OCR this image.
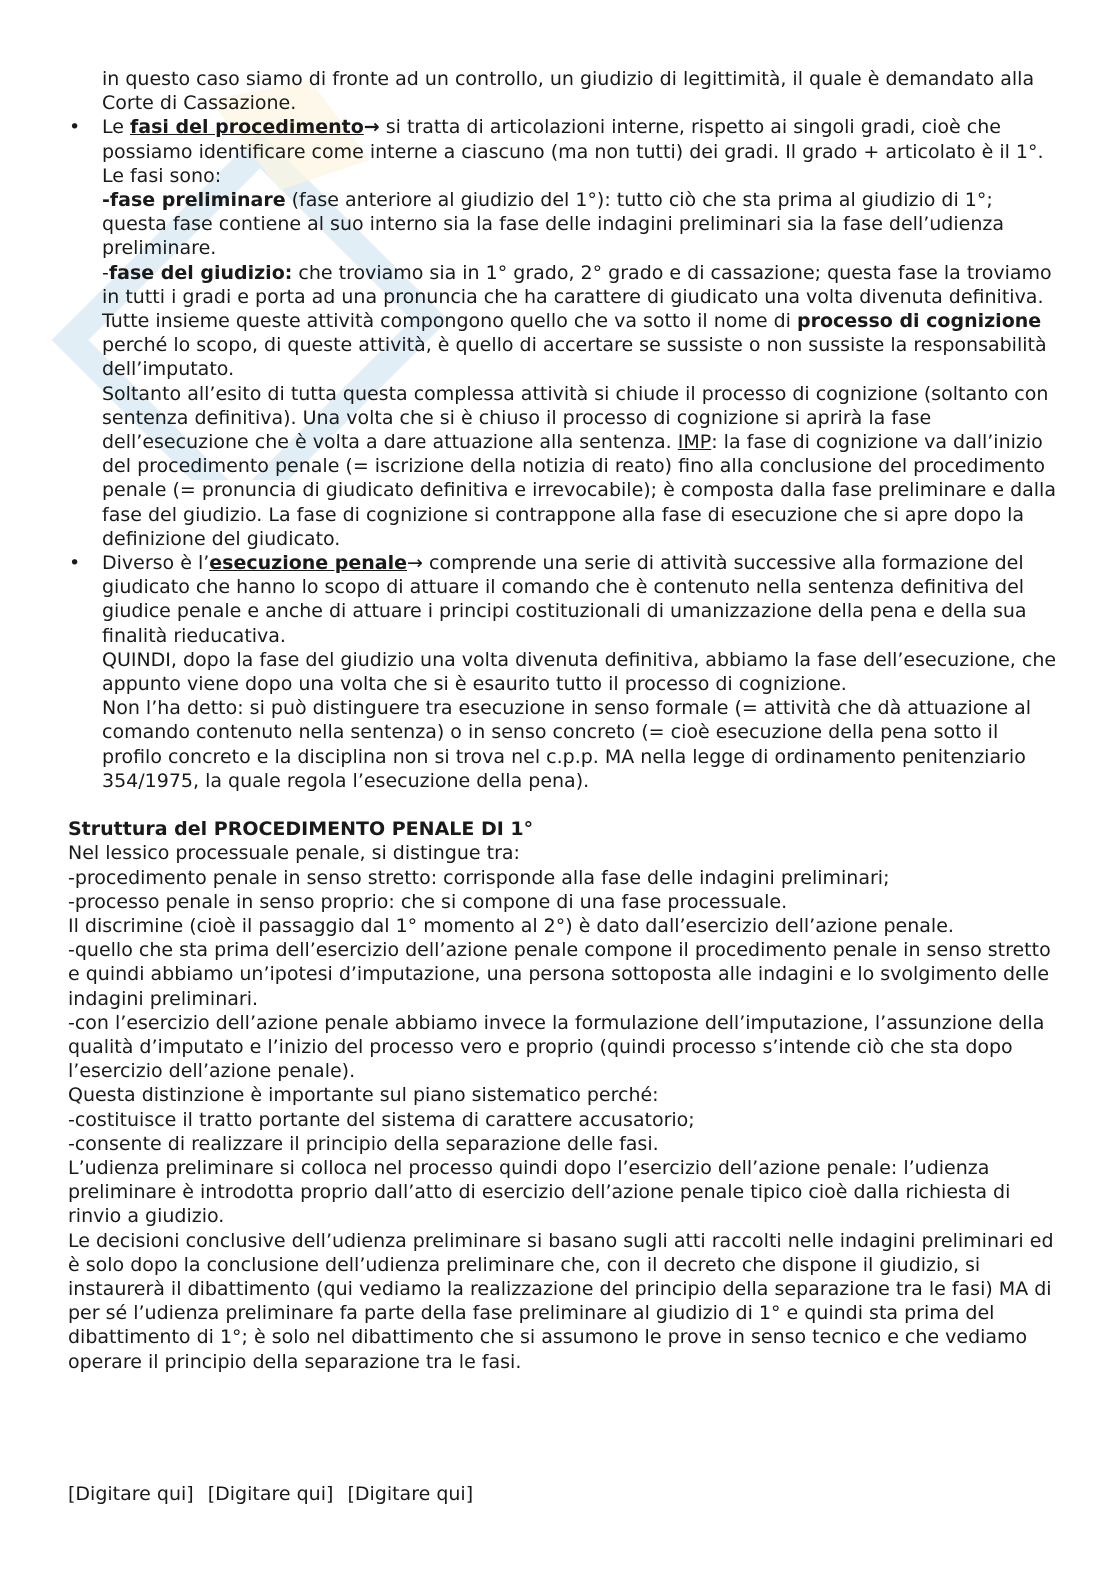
in questo caso siamo di fronte ad un controllo, un giudizio di legittimità, il quale è demandato alla Corte di Cassazione.

•	Le fasi del procedimento→ si tratta di articolazioni interne, rispetto ai singoli gradi, cioè che possiamo identificare come interne a ciascuno (ma non tutti) dei gradi. Il grado + articolato è il 1°. Le fasi sono:

-fase preliminare (fase anteriore al giudizio del 1°): tutto ciò che sta prima al giudizio di 1°; questa fase contiene al suo interno sia la fase delle indagini preliminari sia la fase dell’udienza preliminare.

-fase del giudizio: che troviamo sia in 1° grado, 2° grado e di cassazione; questa fase la troviamo in tutti i gradi e porta ad una pronuncia che ha carattere di giudicato una volta divenuta definitiva.

Tutte insieme queste attività compongono quello che va sotto il nome di processo di cognizione perché lo scopo, di queste attività, è quello di accertare se sussiste o non sussiste la responsabilità dell’imputato.

Soltanto all’esito di tutta questa complessa attività si chiude il processo di cognizione (soltanto con sentenza definitiva). Una volta che si è chiuso il processo di cognizione si aprirà la fase dell’esecuzione che è volta a dare attuazione alla sentenza. IMP: la fase di cognizione va dall’inizio del procedimento penale (= iscrizione della notizia di reato) fino alla conclusione del procedimento penale (= pronuncia di giudicato definitiva e irrevocabile); è composta dalla fase preliminare e dalla fase del giudizio. La fase di cognizione si contrappone alla fase di esecuzione che si apre dopo la definizione del giudicato.

•	Diverso è l’esecuzione penale→ comprende una serie di attività successive alla formazione del giudicato che hanno lo scopo di attuare il comando che è contenuto nella sentenza definitiva del giudice penale e anche di attuare i principi costituzionali di umanizzazione della pena e della sua finalità rieducativa.

QUINDI, dopo la fase del giudizio una volta divenuta definitiva, abbiamo la fase dell’esecuzione, che appunto viene dopo una volta che si è esaurito tutto il processo di cognizione.

Non l’ha detto: si può distinguere tra esecuzione in senso formale (= attività che dà attuazione al comando contenuto nella sentenza) o in senso concreto (= cioè esecuzione della pena sotto il profilo concreto e la disciplina non si trova nel c.p.p. MA nella legge di ordinamento penitenziario 354/1975, la quale regola l’esecuzione della pena).

Struttura del PROCEDIMENTO PENALE DI 1°

Nel lessico processuale penale, si distingue tra:

-procedimento penale in senso stretto: corrisponde alla fase delle indagini preliminari;

-processo penale in senso proprio: che si compone di una fase processuale.

Il discrimine (cioè il passaggio dal 1° momento al 2°) è dato dall’esercizio dell’azione penale.

-quello che sta prima dell’esercizio dell’azione penale compone il procedimento penale in senso stretto e quindi abbiamo un’ipotesi d’imputazione, una persona sottoposta alle indagini e lo svolgimento delle indagini preliminari.

-con l’esercizio dell’azione penale abbiamo invece la formulazione dell’imputazione, l’assunzione della qualità d’imputato e l’inizio del processo vero e proprio (quindi processo s’intende ciò che sta dopo l’esercizio dell’azione penale).

Questa distinzione è importante sul piano sistematico perché:

-costituisce il tratto portante del sistema di carattere accusatorio;

-consente di realizzare il principio della separazione delle fasi.

L’udienza preliminare si colloca nel processo quindi dopo l’esercizio dell’azione penale: l’udienza preliminare è introdotta proprio dall’atto di esercizio dell’azione penale tipico cioè dalla richiesta di rinvio a giudizio.

Le decisioni conclusive dell’udienza preliminare si basano sugli atti raccolti nelle indagini preliminari ed è solo dopo la conclusione dell’udienza preliminare che, con il decreto che dispone il giudizio, si instaurerà il dibattimento (qui vediamo la realizzazione del principio della separazione tra le fasi) MA di per sé l’udienza preliminare fa parte della fase preliminare al giudizio di 1° e quindi sta prima del dibattimento di 1°; è solo nel dibattimento che si assumono le prove in senso tecnico e che vediamo operare il principio della separazione tra le fasi.

[Digitare qui] [Digitare qui] [Digitare qui]
